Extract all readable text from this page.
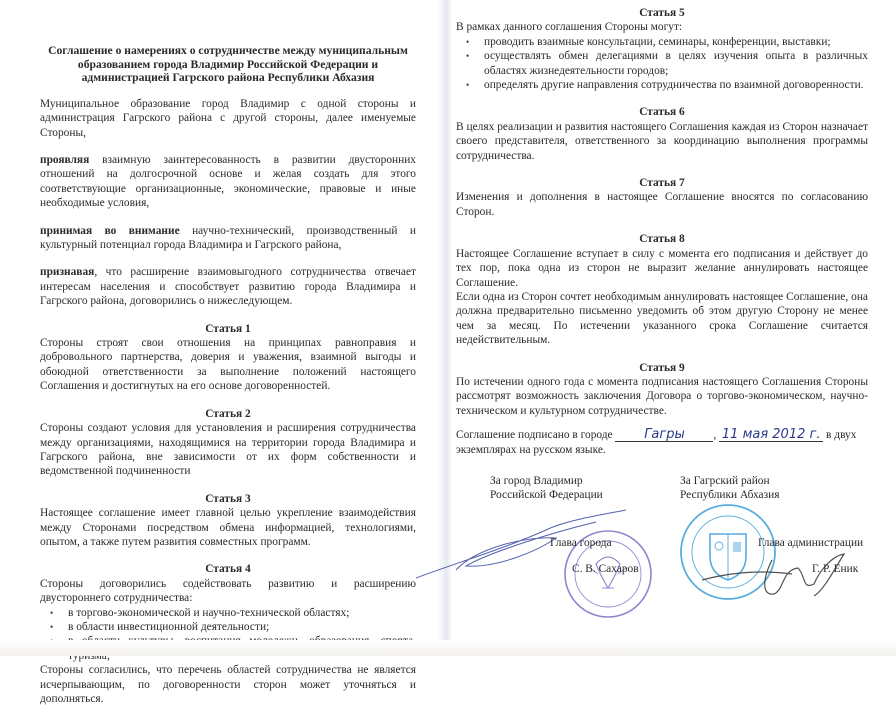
Соглашение о намерениях о сотрудничестве между муниципальным образованием города Владимир Российской Федерации и администрацией Гагрского района Республики Абхазия

Муниципальное образование город Владимир с одной стороны и администрация Гагрского района с другой стороны, далее именуемые Стороны,

проявляя взаимную заинтересованность в развитии двусторонних отношений на долгосрочной основе и желая создать для этого соответствующие организационные, экономические, правовые и иные необходимые условия,

принимая во внимание научно-технический, производственный и культурный потенциал города Владимира и Гагрского района,

признавая, что расширение взаимовыгодного сотрудничества отвечает интересам населения и способствует развитию города Владимира и Гагрского района, договорились о нижеследующем.

Статья 1

Стороны строят свои отношения на принципах равноправия и добровольного партнерства, доверия и уважения, взаимной выгоды и обоюдной ответственности за выполнение положений настоящего Соглашения и достигнутых на его основе договоренностей.

Статья 2

Стороны создают условия для установления и расширения сотрудничества между организациями, находящимися на территории города Владимира и Гагрского района, вне зависимости от их форм собственности и ведомственной подчиненности

Статья 3

Настоящее соглашение имеет главной целью укрепление взаимодействия между Сторонами посредством обмена информацией, технологиями, опытом, а также путем развития совместных программ.

Статья 4

Стороны договорились содействовать развитию и расширению двустороннего сотрудничества:

• в торгово-экономической и научно-технической областях;
• в области инвестиционной деятельности;
•

Стороны согласились, что перечень областей сотрудничества не является исчерпывающим, по договоренности сторон может уточняться и дополняться.

Статья 5

В рамках данного соглашения Стороны могут:

• проводить взаимные консультации, семинары, конференции, выставки;
• осуществлять обмен делегациями в целях изучения опыта в различных областях жизнедеятельности городов;
• определять другие направления сотрудничества по взаимной договоренности.
Статья 6

В целях реализации и развития настоящего Соглашения каждая из Сторон назначает своего представителя, ответственного за координацию выполнения программы сотрудничества.

Статья 7

Изменения и дополнения в настоящее Соглашение вносятся по согласованию Сторон.

Статья 8

Настоящее Соглашение вступает в силу с момента его подписания и действует до тех пор, пока одна из сторон не выразит желание аннулировать настоящее Соглашение.

Если одна из Сторон сочтет необходимым аннулировать настоящее Соглашение, она должна предварительно письменно уведомить об этом другую Сторону не менее чем за месяц. По истечении указанного срока Соглашение считается недействительным.

Статья 9

По истечении одного года с момента подписания настоящего Соглашения Стороны рассмотрят возможность заключения Договора о торгово-экономическом, научно-техническом и культурном сотрудничестве.

Соглашение подписано в городе Гагры	, 11 мая 2012 г. в двух
экземплярах на русском языке.

За город Владимир
Российской Федерации
За Гагрский район
Республики Абхазия
Глава города
С. В. Сахаров
Глава администрации
Г. Р. Еник
